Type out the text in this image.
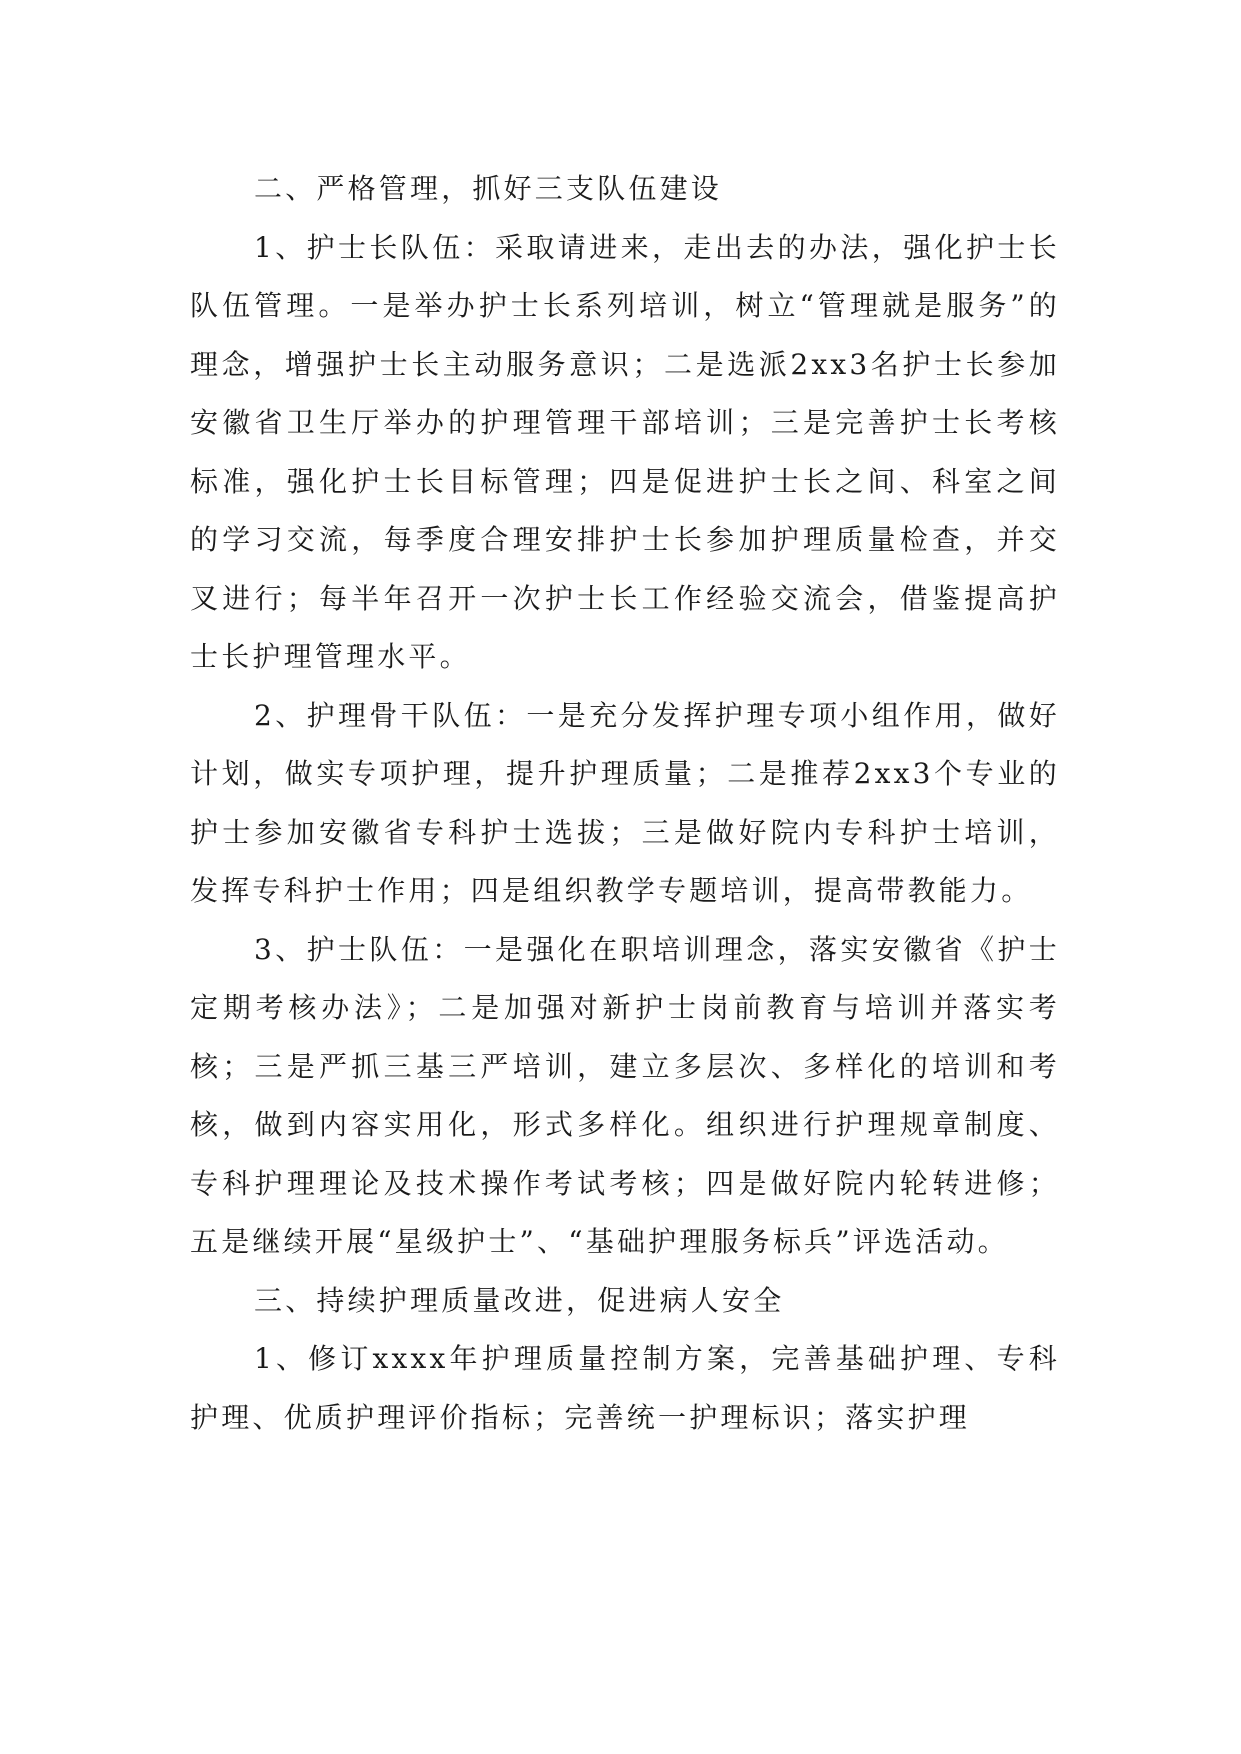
二、严格管理，抓好三支队伍建设

1、护士长队伍：采取请进来，走出去的办法，强化护士长队伍管理。一是举办护士长系列培训，树立“管理就是服务”的理念，增强护士长主动服务意识；二是选派2xx3名护士长参加安徽省卫生厅举办的护理管理干部培训；三是完善护士长考核标准，强化护士长目标管理；四是促进护士长之间、科室之间的学习交流，每季度合理安排护士长参加护理质量检查，并交叉进行；每半年召开一次护士长工作经验交流会，借鉴提高护士长护理管理水平。

2、护理骨干队伍：一是充分发挥护理专项小组作用，做好计划，做实专项护理，提升护理质量；二是推荐2xx3个专业的护士参加安徽省专科护士选拔；三是做好院内专科护士培训，发挥专科护士作用；四是组织教学专题培训，提高带教能力。

3、护士队伍：一是强化在职培训理念，落实安徽省《护士定期考核办法》；二是加强对新护士岗前教育与培训并落实考核；三是严抓三基三严培训，建立多层次、多样化的培训和考核，做到内容实用化，形式多样化。组织进行护理规章制度、专科护理理论及技术操作考试考核；四是做好院内轮转进修；五是继续开展“星级护士”、“基础护理服务标兵”评选活动。

三、持续护理质量改进，促进病人安全

1、修订xxxx年护理质量控制方案，完善基础护理、专科护理、优质护理评价指标；完善统一护理标识；落实护理
